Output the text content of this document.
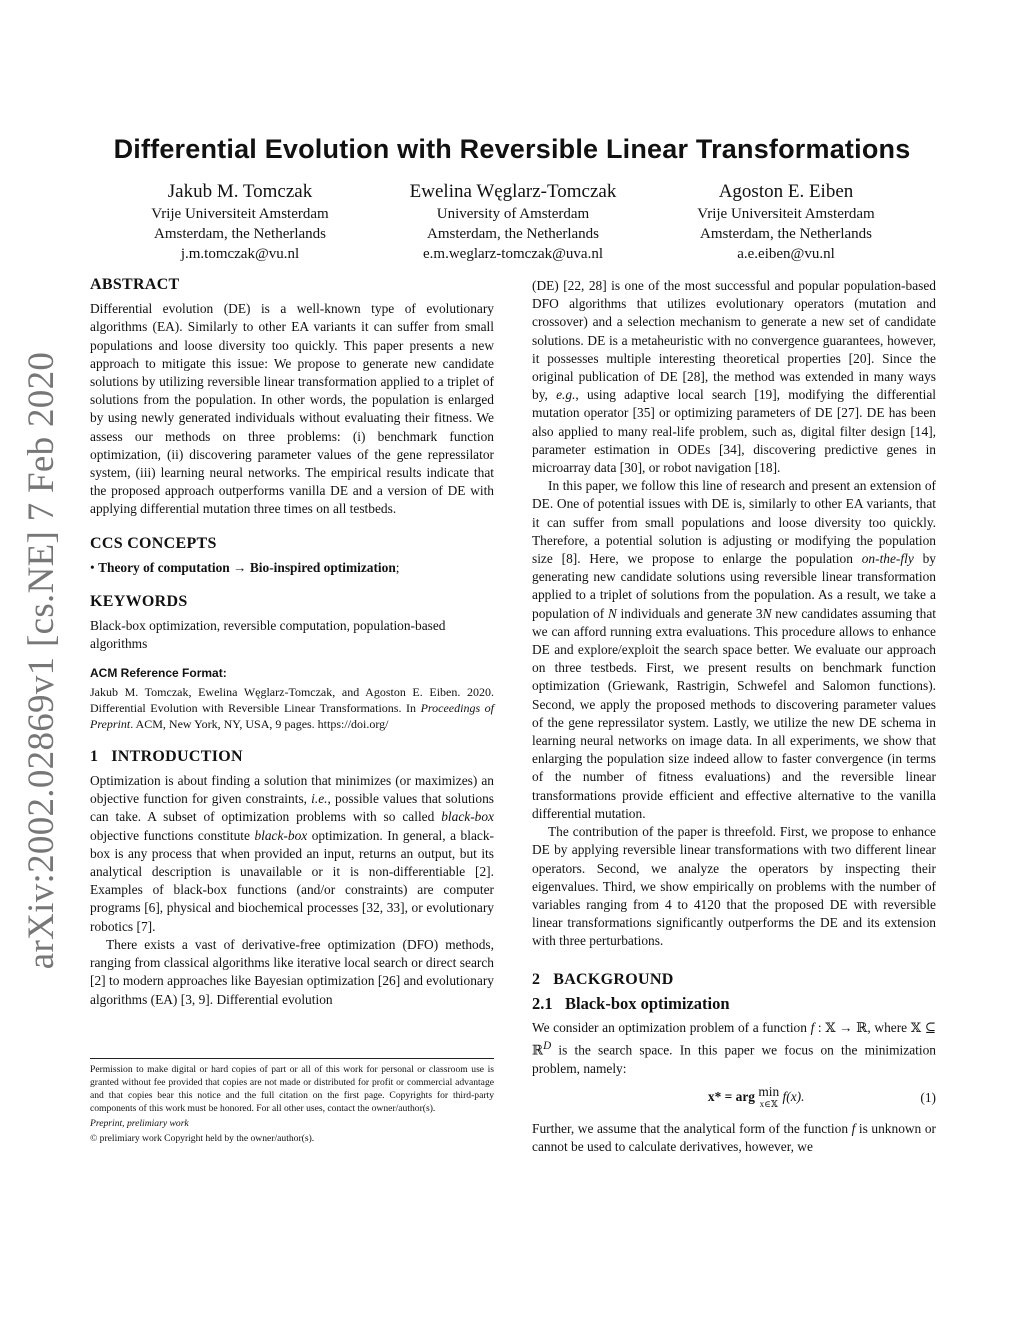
arXiv:2002.02869v1 [cs.NE] 7 Feb 2020
Differential Evolution with Reversible Linear Transformations
Jakub M. Tomczak
Vrije Universiteit Amsterdam
Amsterdam, the Netherlands
j.m.tomczak@vu.nl
Ewelina Węglarz-Tomczak
University of Amsterdam
Amsterdam, the Netherlands
e.m.weglarz-tomczak@uva.nl
Agoston E. Eiben
Vrije Universiteit Amsterdam
Amsterdam, the Netherlands
a.e.eiben@vu.nl
ABSTRACT

Differential evolution (DE) is a well-known type of evolutionary algorithms (EA). Similarly to other EA variants it can suffer from small populations and loose diversity too quickly. This paper presents a new approach to mitigate this issue: We propose to generate new candidate solutions by utilizing reversible linear transformation applied to a triplet of solutions from the population. In other words, the population is enlarged by using newly generated individuals without evaluating their fitness. We assess our methods on three problems: (i) benchmark function optimization, (ii) discovering parameter values of the gene repressilator system, (iii) learning neural networks. The empirical results indicate that the proposed approach outperforms vanilla DE and a version of DE with applying differential mutation three times on all testbeds.

CCS CONCEPTS

• Theory of computation → Bio-inspired optimization;

KEYWORDS

Black-box optimization, reversible computation, population-based algorithms

ACM Reference Format:

Jakub M. Tomczak, Ewelina Węglarz-Tomczak, and Agoston E. Eiben. 2020. Differential Evolution with Reversible Linear Transformations. In Proceedings of Preprint. ACM, New York, NY, USA, 9 pages. https://doi.org/

1 INTRODUCTION

Optimization is about finding a solution that minimizes (or maximizes) an objective function for given constraints, i.e., possible values that solutions can take. A subset of optimization problems with so called black-box objective functions constitute black-box optimization. In general, a black-box is any process that when provided an input, returns an output, but its analytical description is unavailable or it is non-differentiable [2]. Examples of black-box functions (and/or constraints) are computer programs [6], physical and biochemical processes [32, 33], or evolutionary robotics [7].

There exists a vast of derivative-free optimization (DFO) methods, ranging from classical algorithms like iterative local search or direct search [2] to modern approaches like Bayesian optimization [26] and evolutionary algorithms (EA) [3, 9]. Differential evolution

Permission to make digital or hard copies of part or all of this work for personal or classroom use is granted without fee provided that copies are not made or distributed for profit or commercial advantage and that copies bear this notice and the full citation on the first page. Copyrights for third-party components of this work must be honored. For all other uses, contact the owner/author(s).

Preprint, prelimiary work

© prelimiary work Copyright held by the owner/author(s).

(DE) [22, 28] is one of the most successful and popular population-based DFO algorithms that utilizes evolutionary operators (mutation and crossover) and a selection mechanism to generate a new set of candidate solutions. DE is a metaheuristic with no convergence guarantees, however, it possesses multiple interesting theoretical properties [20]. Since the original publication of DE [28], the method was extended in many ways by, e.g., using adaptive local search [19], modifying the differential mutation operator [35] or optimizing parameters of DE [27]. DE has been also applied to many real-life problem, such as, digital filter design [14], parameter estimation in ODEs [34], discovering predictive genes in microarray data [30], or robot navigation [18].

In this paper, we follow this line of research and present an extension of DE. One of potential issues with DE is, similarly to other EA variants, that it can suffer from small populations and loose diversity too quickly. Therefore, a potential solution is adjusting or modifying the population size [8]. Here, we propose to enlarge the population on-the-fly by generating new candidate solutions using reversible linear transformation applied to a triplet of solutions from the population. As a result, we take a population of N individuals and generate 3N new candidates assuming that we can afford running extra evaluations. This procedure allows to enhance DE and explore/exploit the search space better. We evaluate our approach on three testbeds. First, we present results on benchmark function optimization (Griewank, Rastrigin, Schwefel and Salomon functions). Second, we apply the proposed methods to discovering parameter values of the gene repressilator system. Lastly, we utilize the new DE schema in learning neural networks on image data. In all experiments, we show that enlarging the population size indeed allow to faster convergence (in terms of the number of fitness evaluations) and the reversible linear transformations provide efficient and effective alternative to the vanilla differential mutation.

The contribution of the paper is threefold. First, we propose to enhance DE by applying reversible linear transformations with two different linear operators. Second, we analyze the operators by inspecting their eigenvalues. Third, we show empirically on problems with the number of variables ranging from 4 to 4120 that the proposed DE with reversible linear transformations significantly outperforms the DE and its extension with three perturbations.

2 BACKGROUND
2.1 Black-box optimization

We consider an optimization problem of a function f : 𝕏 → ℝ, where 𝕏 ⊆ ℝ$^D$ is the search space. In this paper we focus on the minimization problem, namely:

x* = arg min
x∈𝕏 f(x).	(1)

Further, we assume that the analytical form of the function f is unknown or cannot be used to calculate derivatives, however, we
